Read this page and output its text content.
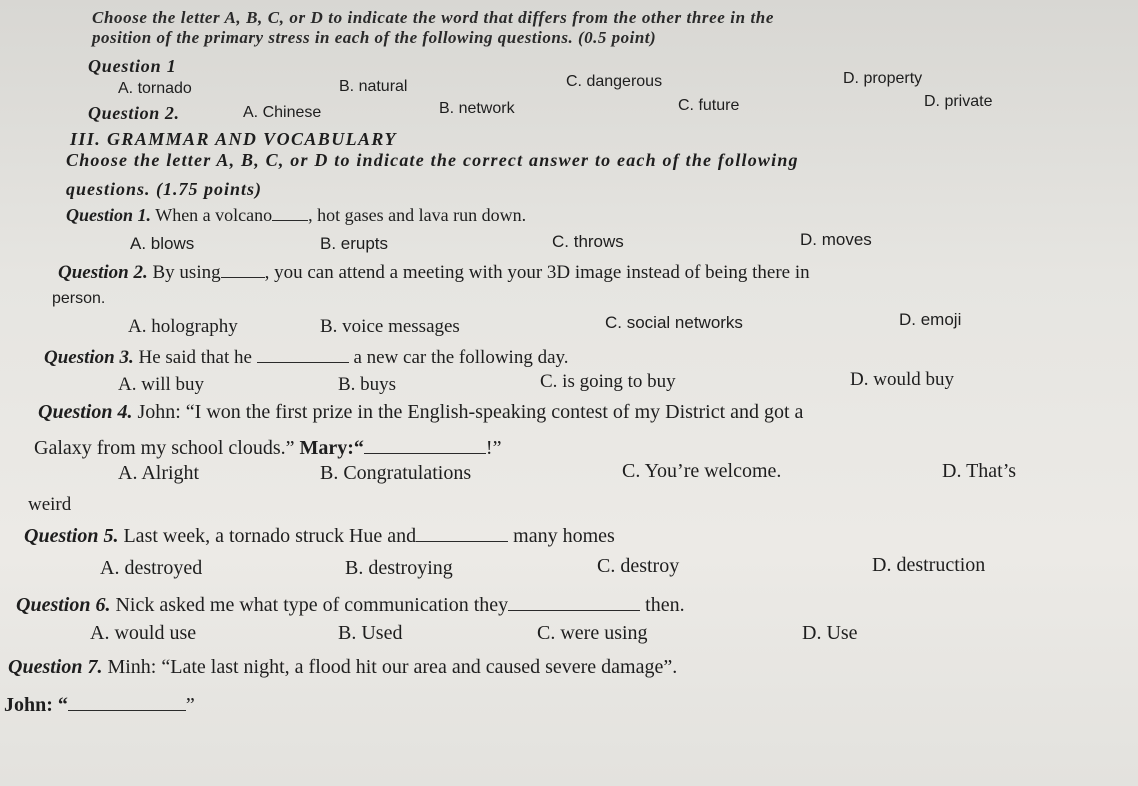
Choose the letter A, B, C, or D to indicate the word that differs from the other three in the
position of the primary stress in each of the following questions. (0.5 point)
Question 1
A. tornado	B. natural	C. dangerous	D. property
Question 2.	A. Chinese	B. network	C. future	D. private
III. GRAMMAR AND VOCABULARY
Choose the letter A, B, C, or D to indicate the correct answer to each of the following
questions. (1.75 points)
Question 1. When a volcano , hot gases and lava run down.
A. blows	B. erupts	C. throws	D. moves
Question 2. By using , you can attend a meeting with your 3D image instead of being there in
person.
A. holography	B. voice messages	C. social networks	D. emoji
Question 3. He said that he	a new car the following day.
A. will buy	B. buys	C. is going to buy	D. would buy
Question 4. John: “I won the first prize in the English-speaking contest of my District and got a
Galaxy from my school clouds.” Mary:“	!”
A. Alright	B. Congratulations	C. You’re welcome.	D. That’s
weird
Question 5. Last week, a tornado struck Hue and	many homes
A. destroyed	B. destroying	C. destroy	D. destruction
Question 6. Nick asked me what type of communication they	then.
A. would use	B. Used	C. were using	D. Use
Question 7. Minh: “Late last night, a flood hit our area and caused severe damage”.
John: “	”
